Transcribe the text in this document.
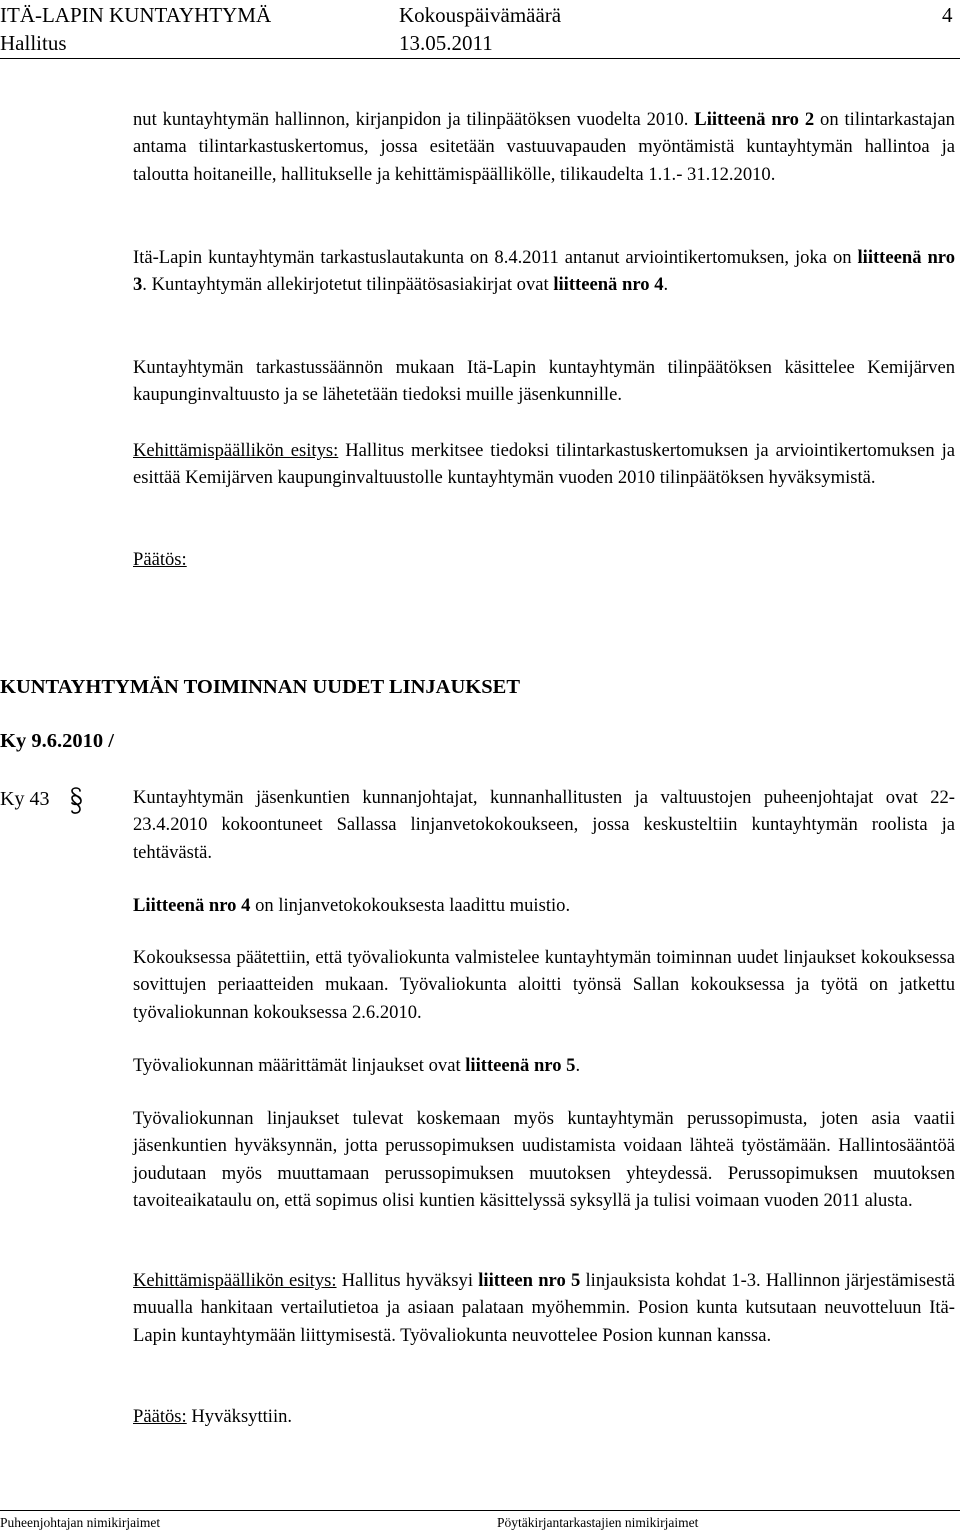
ITÄ-LAPIN KUNTAYHTYMÄ	Kokouspäivämäärä	4
Hallitus	13.05.2011

nut kuntayhtymän hallinnon, kirjanpidon ja tilinpäätöksen vuodelta 2010. Liitteenä nro 2 on tilintarkastajan antama tilintarkastuskertomus, jossa esitetään vastuuvapauden myöntämistä kuntayhtymän hallintoa ja taloutta hoitaneille, hallitukselle ja kehittämispäällikölle, tilikaudelta 1.1.- 31.12.2010.

Itä-Lapin kuntayhtymän tarkastuslautakunta on 8.4.2011 antanut arviointikertomuksen, joka on liitteenä nro 3. Kuntayhtymän allekirjotetut tilinpäätösasiakirjat ovat liitteenä nro 4.

Kuntayhtymän tarkastussäännön mukaan Itä-Lapin kuntayhtymän tilinpäätöksen käsittelee Kemijärven kaupunginvaltuusto ja se lähetetään tiedoksi muille jäsenkunnille.

Kehittämispäällikön esitys: Hallitus merkitsee tiedoksi tilintarkastuskertomuksen ja arviointikertomuksen ja esittää Kemijärven kaupunginvaltuustolle kuntayhtymän vuoden 2010 tilinpäätöksen hyväksymistä.

Päätös:

KUNTAYHTYMÄN TOIMINNAN UUDET LINJAUKSET
Ky 9.6.2010 /
Ky 43	Kuntayhtymän jäsenkuntien kunnanjohtajat, kunnanhallitusten ja valtuustojen puheenjohtajat ovat 22-23.4.2010 kokoontuneet Sallassa linjanvetokokoukseen, jossa keskusteltiin kuntayhtymän roolista ja tehtävästä.

Liitteenä nro 4 on linjanvetokokouksesta laadittu muistio.

Kokouksessa päätettiin, että työvaliokunta valmistelee kuntayhtymän toiminnan uudet linjaukset kokouksessa sovittujen periaatteiden mukaan. Työvaliokunta aloitti työnsä Sallan kokouksessa ja työtä on jatkettu työvaliokunnan kokouksessa 2.6.2010.

Työvaliokunnan määrittämät linjaukset ovat liitteenä nro 5.

Työvaliokunnan linjaukset tulevat koskemaan myös kuntayhtymän perussopimusta, joten asia vaatii jäsenkuntien hyväksynnän, jotta perussopimuksen uudistamista voidaan lähteä työstämään. Hallintosääntöä joudutaan myös muuttamaan perussopimuksen muutoksen yhteydessä. Perussopimuksen muutoksen tavoiteaikataulu on, että sopimus olisi kuntien käsittelyssä syksyllä ja tulisi voimaan vuoden 2011 alusta.

Kehittämispäällikön esitys: Hallitus hyväksyi liitteen nro 5 linjauksista kohdat 1-3. Hallinnon järjestämisestä muualla hankitaan vertailutietoa ja asiaan palataan myöhemmin. Posion kunta kutsutaan neuvotteluun Itä-Lapin kuntayhtymään liittymisestä. Työvaliokunta neuvottelee Posion kunnan kanssa.

Päätös: Hyväksyttiin.

Puheenjohtajan nimikirjaimet	Pöytäkirjantarkastajien nimikirjaimet
